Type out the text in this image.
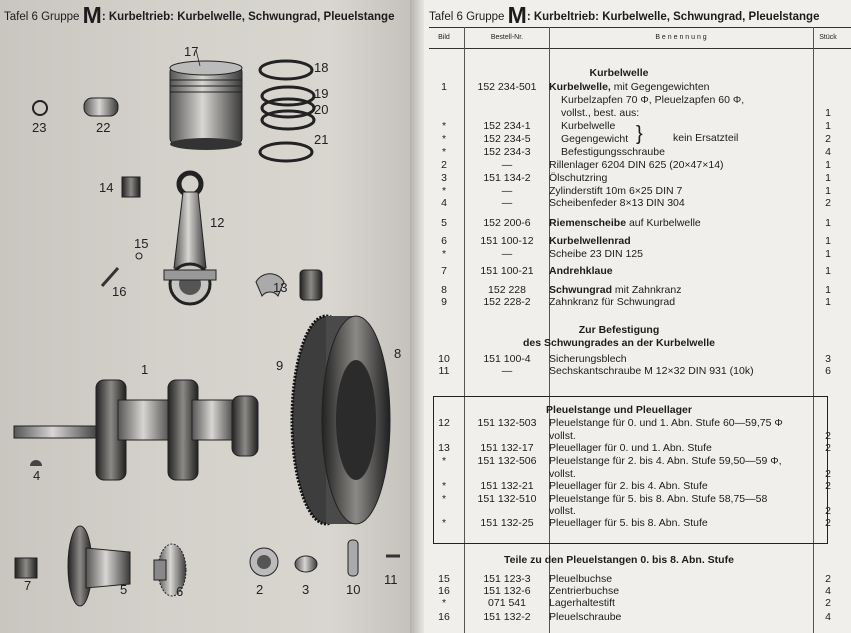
Tafel 6 Gruppe M: Kurbeltrieb: Kurbelwelle, Schwungrad, Pleuelstange
1
2	3
4
5	6
7
8
9
10
11
12
13
14
15
16
17
18
19
20
21
22
23
Tafel 6 Gruppe M: Kurbeltrieb: Kurbelwelle, Schwungrad, Pleuelstange
Bild	Bestell-Nr.	B e n e n n u n g	Stück
Kurbelwelle
Zur Befestigung
des Schwungrades an der Kurbelwelle
Pleuelstange und Pleuellager
Teile zu den Pleuelstangen 0. bis 8. Abn. Stufe
}	kein Ersatzteil
1	152 234-501	Kurbelwelle, mit Gegengewichten
Kurbelzapfen 70 Φ, Pleuelzapfen 60 Φ,
vollst., best. aus:	1
*	152 234-1	Kurbelwelle	1
*	152 234-5	Gegengewicht	2
*	152 234-3	Befestigungsschraube	4
2	—	Rillenlager 6204 DIN 625 (20×47×14)	1
3	151 134-2	Ölschutzring	1
*	—	Zylinderstift 10m 6×25 DIN 7	1
4	—	Scheibenfeder 8×13 DIN 304	2
5	152 200-6	Riemenscheibe auf Kurbelwelle	1
6	151 100-12	Kurbelwellenrad	1
*	—	Scheibe 23 DIN 125	1
7	151 100-21	Andrehklaue	1
8	152 228	Schwungrad mit Zahnkranz	1
9	152 228-2	Zahnkranz für Schwungrad	1
10	151 100-4	Sicherungsblech	3
11	—	Sechskantschraube M 12×32 DIN 931 (10k)	6
12	151 132-503	Pleuelstange für 0. und 1. Abn. Stufe 60—59,75 Φ
vollst.	2
13	151 132-17	Pleuellager für 0. und 1. Abn. Stufe	2
*	151 132-506	Pleuelstange für 2. bis 4. Abn. Stufe 59,50—59 Φ,
vollst.	2
*	151 132-21	Pleuellager für 2. bis 4. Abn. Stufe	2
*	151 132-510	Pleuelstange für 5. bis 8. Abn. Stufe 58,75—58
vollst.	2
*	151 132-25	Pleuellager für 5. bis 8. Abn. Stufe	2
15	151 123-3	Pleuelbuchse	2
16	151 132-6	Zentrierbuchse	4
*	071 541	Lagerhaltestift	2
16	151 132-2	Pleuelschraube	4
